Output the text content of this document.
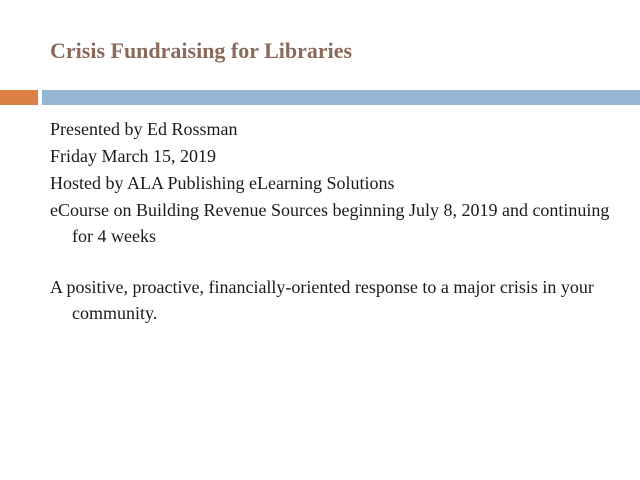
Crisis Fundraising for Libraries

Presented by Ed Rossman

Friday March 15, 2019

Hosted by ALA Publishing eLearning Solutions

eCourse on Building Revenue Sources beginning July 8, 2019 and continuing for 4 weeks

A positive, proactive, financially-oriented response to a major crisis in your community.
